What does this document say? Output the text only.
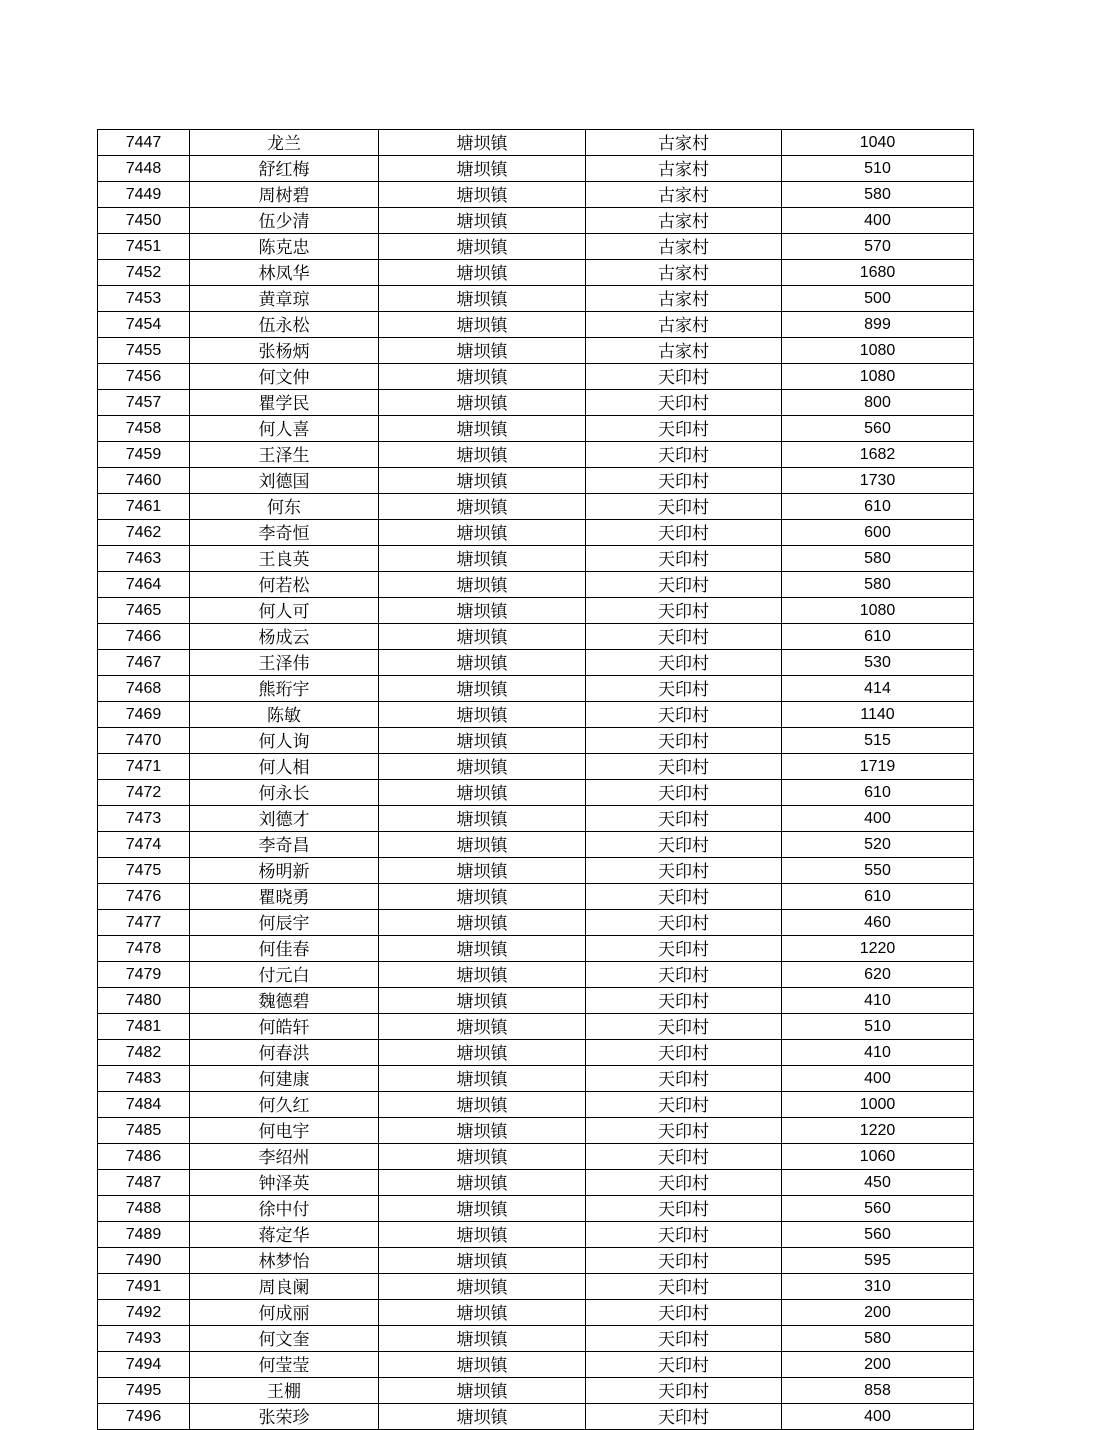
7447	龙兰	塘坝镇	古家村	1040
7448	舒红梅	塘坝镇	古家村	510
7449	周树碧	塘坝镇	古家村	580
7450	伍少清	塘坝镇	古家村	400
7451	陈克忠	塘坝镇	古家村	570
7452	林凤华	塘坝镇	古家村	1680
7453	黄章琼	塘坝镇	古家村	500
7454	伍永松	塘坝镇	古家村	899
7455	张杨炳	塘坝镇	古家村	1080
7456	何文仲	塘坝镇	天印村	1080
7457	瞿学民	塘坝镇	天印村	800
7458	何人喜	塘坝镇	天印村	560
7459	王泽生	塘坝镇	天印村	1682
7460	刘德国	塘坝镇	天印村	1730
7461	何东	塘坝镇	天印村	610
7462	李奇恒	塘坝镇	天印村	600
7463	王良英	塘坝镇	天印村	580
7464	何若松	塘坝镇	天印村	580
7465	何人可	塘坝镇	天印村	1080
7466	杨成云	塘坝镇	天印村	610
7467	王泽伟	塘坝镇	天印村	530
7468	熊珩宇	塘坝镇	天印村	414
7469	陈敏	塘坝镇	天印村	1140
7470	何人询	塘坝镇	天印村	515
7471	何人相	塘坝镇	天印村	1719
7472	何永长	塘坝镇	天印村	610
7473	刘德才	塘坝镇	天印村	400
7474	李奇昌	塘坝镇	天印村	520
7475	杨明新	塘坝镇	天印村	550
7476	瞿晓勇	塘坝镇	天印村	610
7477	何辰宇	塘坝镇	天印村	460
7478	何佳春	塘坝镇	天印村	1220
7479	付元白	塘坝镇	天印村	620
7480	魏德碧	塘坝镇	天印村	410
7481	何皓轩	塘坝镇	天印村	510
7482	何春洪	塘坝镇	天印村	410
7483	何建康	塘坝镇	天印村	400
7484	何久红	塘坝镇	天印村	1000
7485	何电宇	塘坝镇	天印村	1220
7486	李绍州	塘坝镇	天印村	1060
7487	钟泽英	塘坝镇	天印村	450
7488	徐中付	塘坝镇	天印村	560
7489	蒋定华	塘坝镇	天印村	560
7490	林梦怡	塘坝镇	天印村	595
7491	周良阑	塘坝镇	天印村	310
7492	何成丽	塘坝镇	天印村	200
7493	何文奎	塘坝镇	天印村	580
7494	何莹莹	塘坝镇	天印村	200
7495	王棚	塘坝镇	天印村	858
7496	张荣珍	塘坝镇	天印村	400
